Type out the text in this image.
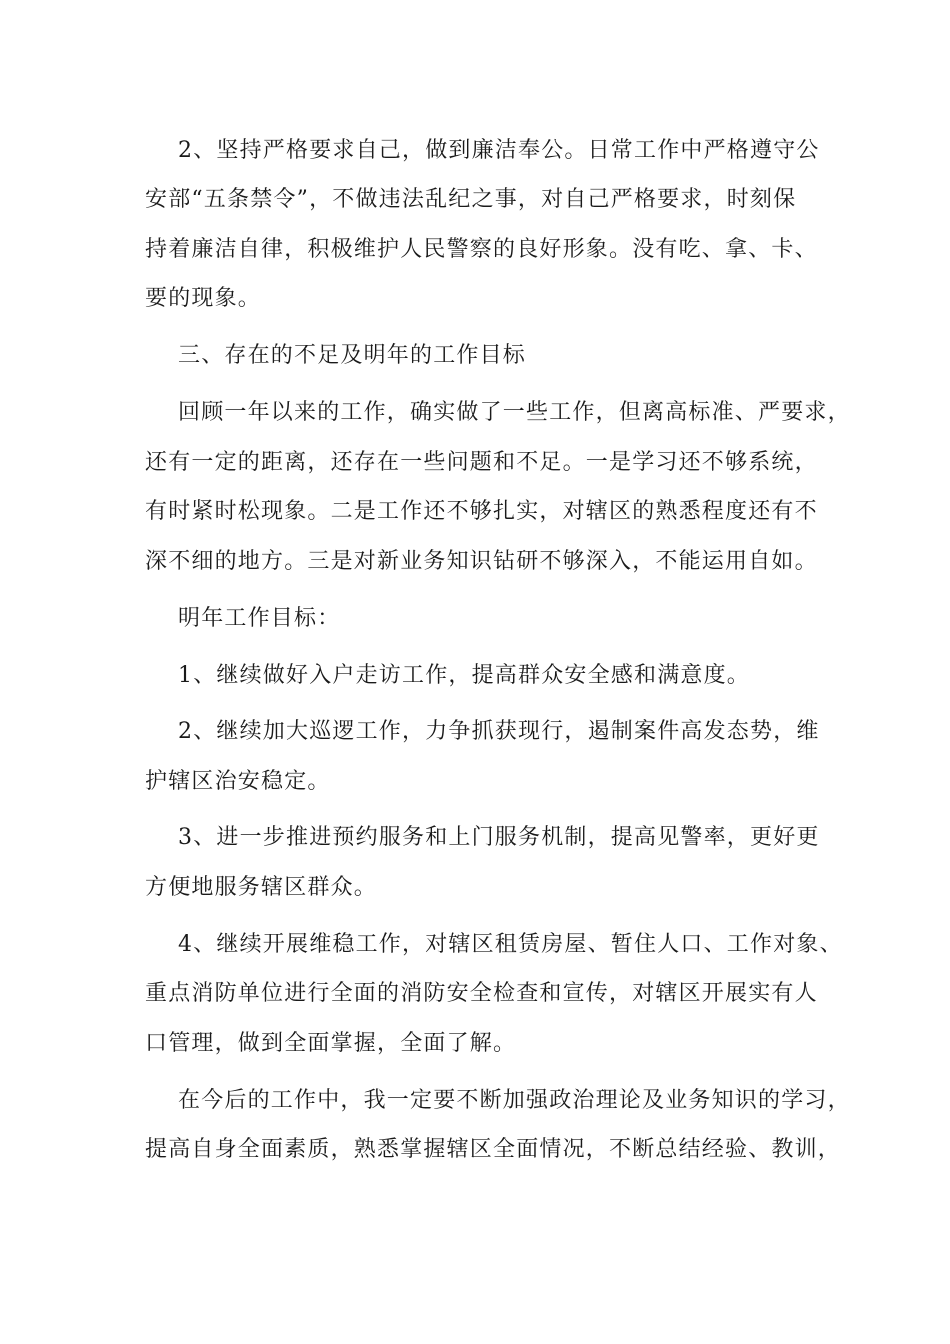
2、坚持严格要求自己，做到廉洁奉公。日常工作中严格遵守公

安部“五条禁令”，不做违法乱纪之事，对自己严格要求，时刻保

持着廉洁自律，积极维护人民警察的良好形象。没有吃、拿、卡、

要的现象。

三、存在的不足及明年的工作目标

回顾一年以来的工作，确实做了一些工作，但离高标准、严要求，

还有一定的距离，还存在一些问题和不足。一是学习还不够系统，

有时紧时松现象。二是工作还不够扎实，对辖区的熟悉程度还有不

深不细的地方。三是对新业务知识钻研不够深入，不能运用自如。

明年工作目标：

1、继续做好入户走访工作，提高群众安全感和满意度。

2、继续加大巡逻工作，力争抓获现行，遏制案件高发态势，维

护辖区治安稳定。

3、进一步推进预约服务和上门服务机制，提高见警率，更好更

方便地服务辖区群众。

4、继续开展维稳工作，对辖区租赁房屋、暂住人口、工作对象、

重点消防单位进行全面的消防安全检查和宣传，对辖区开展实有人

口管理，做到全面掌握，全面了解。

在今后的工作中，我一定要不断加强政治理论及业务知识的学习，

提高自身全面素质，熟悉掌握辖区全面情况，不断总结经验、教训，
